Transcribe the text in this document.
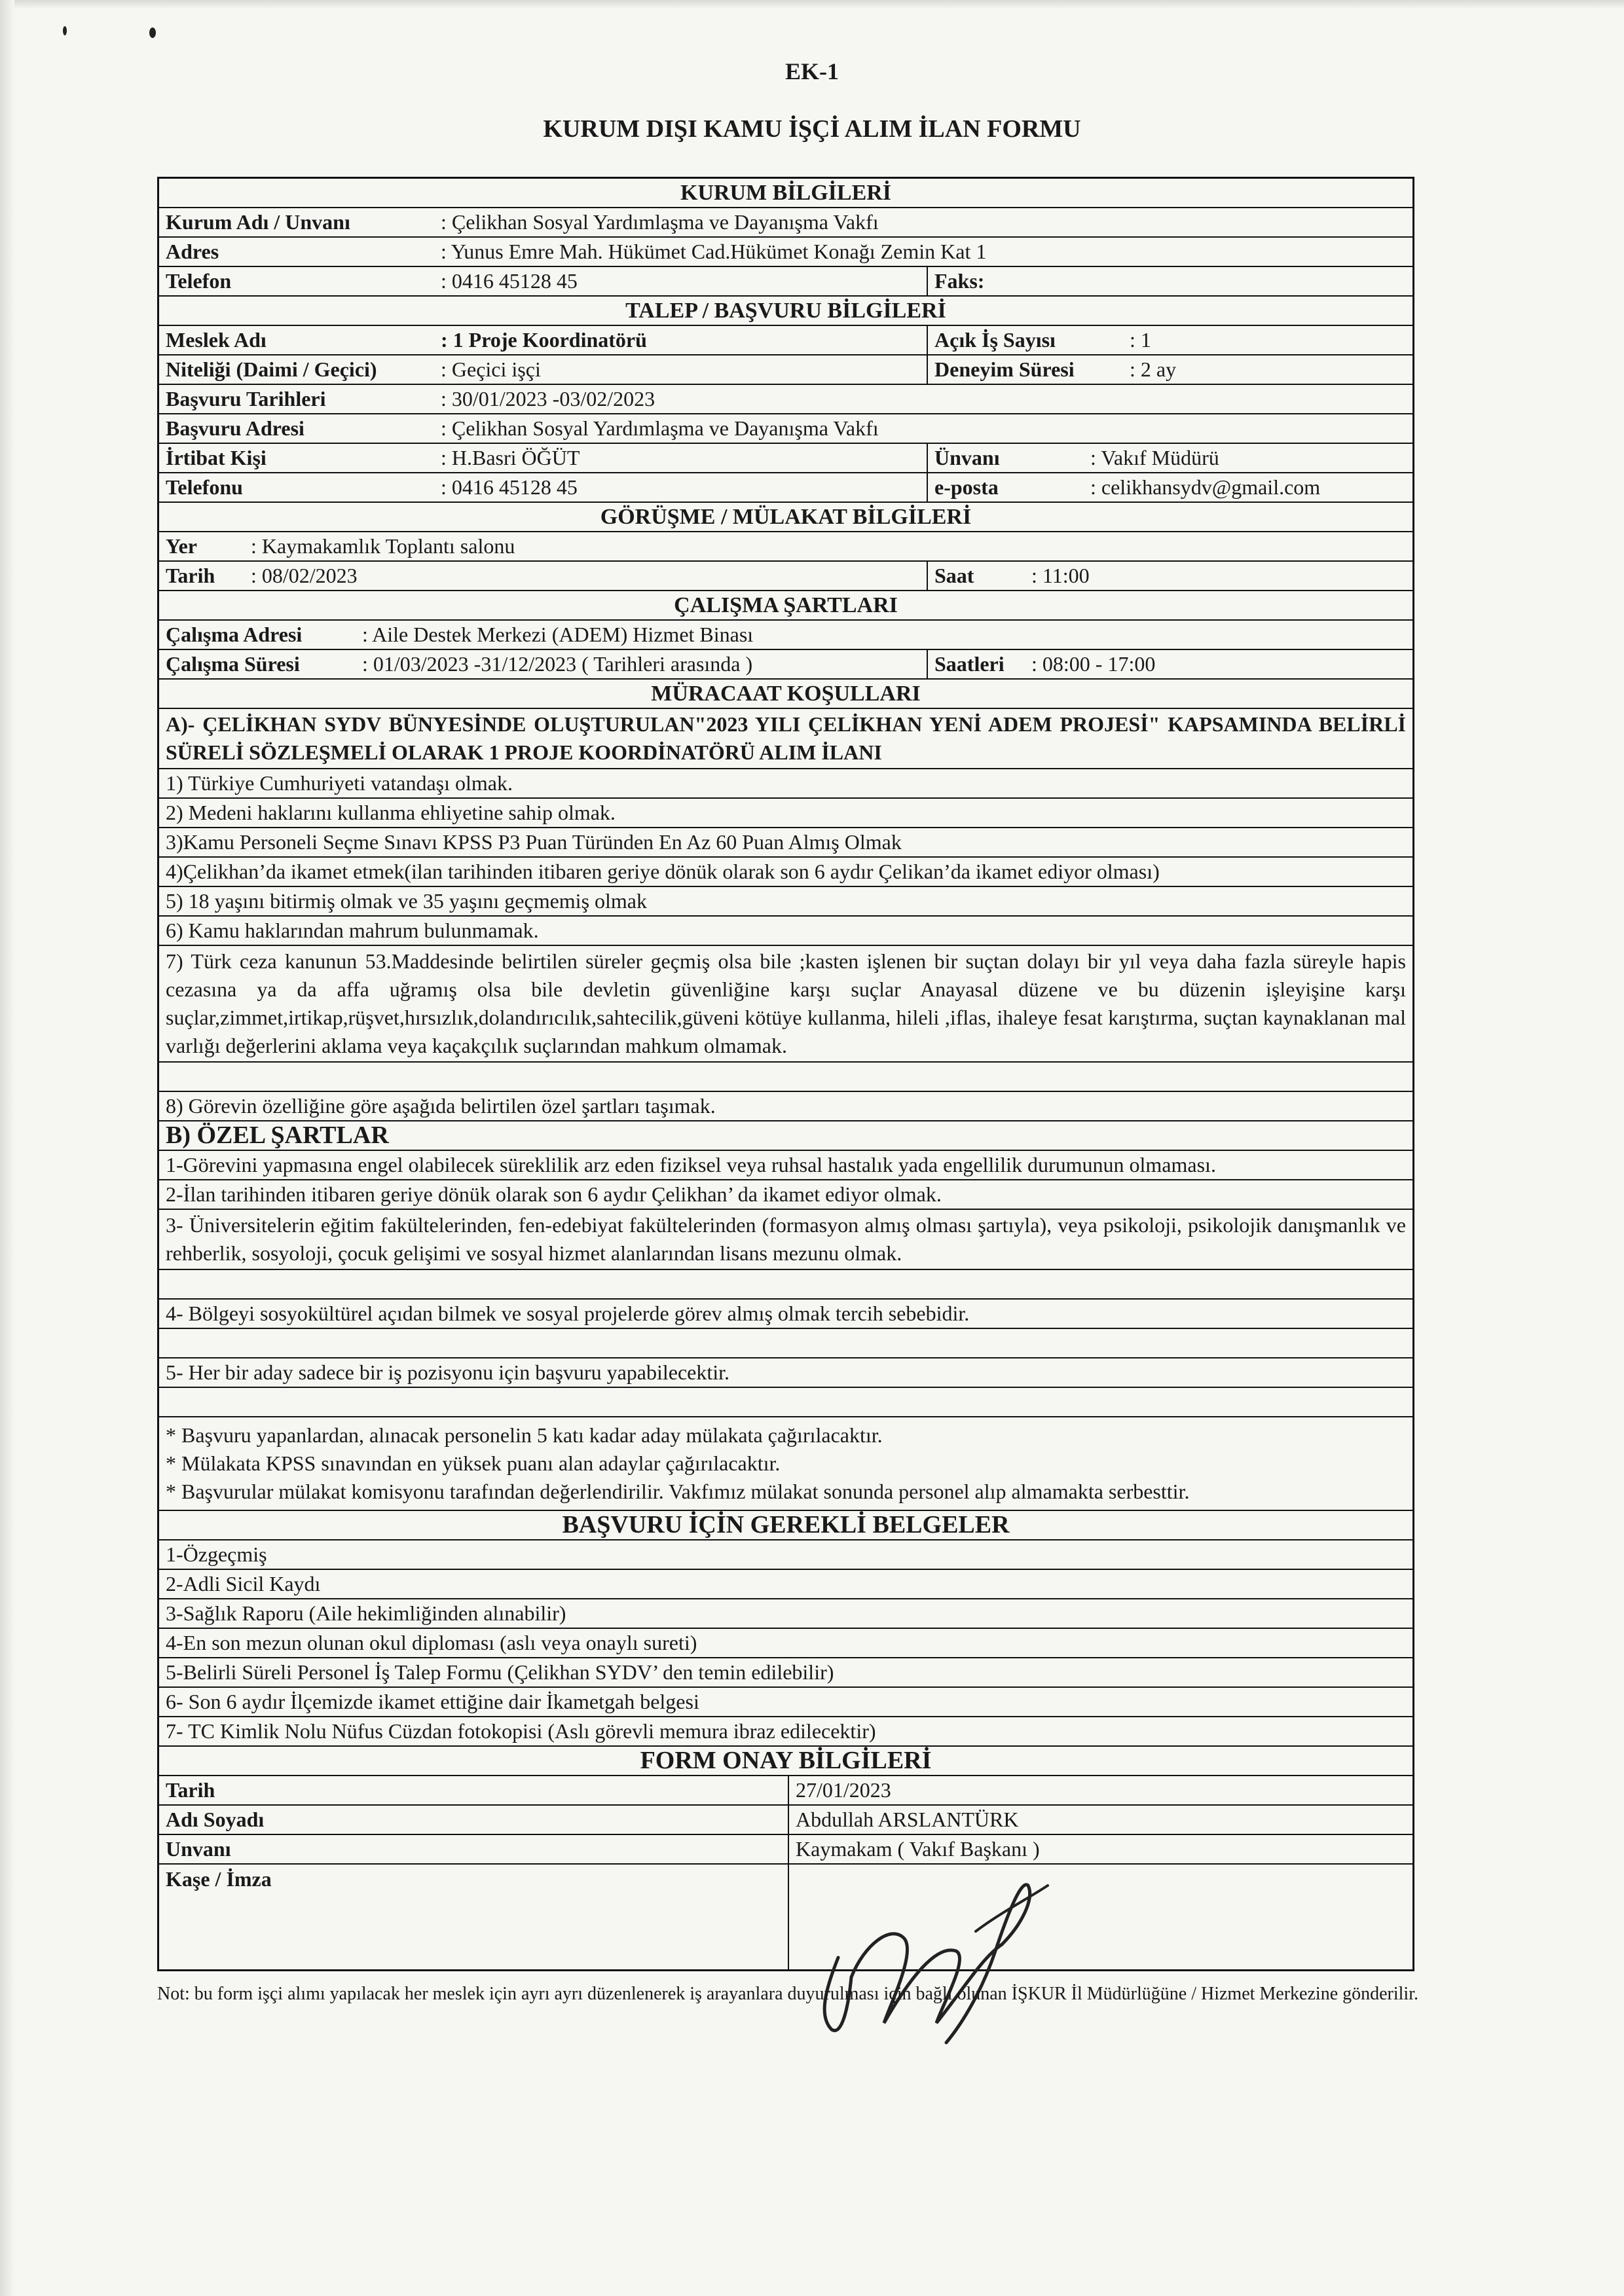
EK-1
KURUM DIŞI KAMU İŞÇİ ALIM İLAN FORMU
KURUM BİLGİLERİ
Kurum Adı / Unvanı	: Çelikhan Sosyal Yardımlaşma ve Dayanışma Vakfı
Adres	: Yunus Emre Mah. Hükümet Cad.Hükümet Konağı Zemin Kat 1
Telefon	: 0416 45128 45	Faks:
TALEP / BAŞVURU BİLGİLERİ
Meslek Adı	: 1 Proje Koordinatörü	Açık İş Sayısı	: 1
Niteliği (Daimi / Geçici)	: Geçici işçi	Deneyim Süresi	: 2 ay
Başvuru Tarihleri	: 30/01/2023 -03/02/2023
Başvuru Adresi	: Çelikhan Sosyal Yardımlaşma ve Dayanışma Vakfı
İrtibat Kişi	: H.Basri ÖĞÜT	Ünvanı	: Vakıf Müdürü
Telefonu	: 0416 45128 45	e-posta	: celikhansydv@gmail.com
GÖRÜŞME / MÜLAKAT BİLGİLERİ
Yer	: Kaymakamlık Toplantı salonu
Tarih	: 08/02/2023	Saat	: 11:00
ÇALIŞMA ŞARTLARI
Çalışma Adresi	: Aile Destek Merkezi (ADEM) Hizmet Binası
Çalışma Süresi	: 01/03/2023 -31/12/2023 ( Tarihleri arasında )	Saatleri	: 08:00 - 17:00
MÜRACAAT KOŞULLARI
A)- ÇELİKHAN SYDV BÜNYESİNDE OLUŞTURULAN"2023 YILI ÇELİKHAN YENİ ADEM PROJESİ" KAPSAMINDA BELİRLİ SÜRELİ SÖZLEŞMELİ OLARAK 1 PROJE KOORDİNATÖRÜ ALIM İLANI
1) Türkiye Cumhuriyeti vatandaşı olmak.
2) Medeni haklarını kullanma ehliyetine sahip olmak.
3)Kamu Personeli Seçme Sınavı KPSS P3 Puan Türünden En Az 60 Puan Almış Olmak
4)Çelikhan’da ikamet etmek(ilan tarihinden itibaren geriye dönük olarak son 6 aydır Çelikan’da ikamet ediyor olması)
5) 18 yaşını bitirmiş olmak ve 35 yaşını geçmemiş olmak
6) Kamu haklarından mahrum bulunmamak.
7) Türk ceza kanunun 53.Maddesinde belirtilen süreler geçmiş olsa bile ;kasten işlenen bir suçtan dolayı bir yıl veya daha fazla süreyle hapis cezasına ya da affa uğramış olsa bile devletin güvenliğine karşı suçlar Anayasal düzene ve bu düzenin işleyişine karşı suçlar,zimmet,irtikap,rüşvet,hırsızlık,dolandırıcılık,sahtecilik,güveni kötüye kullanma, hileli ,iflas, ihaleye fesat karıştırma, suçtan kaynaklanan mal varlığı değerlerini aklama veya kaçakçılık suçlarından mahkum olmamak.
8) Görevin özelliğine göre aşağıda belirtilen özel şartları taşımak.
B) ÖZEL ŞARTLAR
1-Görevini yapmasına engel olabilecek süreklilik arz eden fiziksel veya ruhsal hastalık yada engellilik durumunun olmaması.
2-İlan tarihinden itibaren geriye dönük olarak son 6 aydır Çelikhan’ da ikamet ediyor olmak.
3- Üniversitelerin eğitim fakültelerinden, fen-edebiyat fakültelerinden (formasyon almış olması şartıyla), veya psikoloji, psikolojik danışmanlık ve rehberlik, sosyoloji, çocuk gelişimi ve sosyal hizmet alanlarından lisans mezunu olmak.
4- Bölgeyi sosyokültürel açıdan bilmek ve sosyal projelerde görev almış olmak tercih sebebidir.
5- Her bir aday sadece bir iş pozisyonu için başvuru yapabilecektir.
* Başvuru yapanlardan, alınacak personelin 5 katı kadar aday mülakata çağırılacaktır.
* Mülakata KPSS sınavından en yüksek puanı alan adaylar çağırılacaktır.
* Başvurular mülakat komisyonu tarafından değerlendirilir. Vakfımız mülakat sonunda personel alıp almamakta serbesttir.
BAŞVURU İÇİN GEREKLİ BELGELER
1-Özgeçmiş
2-Adli Sicil Kaydı
3-Sağlık Raporu (Aile hekimliğinden alınabilir)
4-En son mezun olunan okul diploması (aslı veya onaylı sureti)
5-Belirli Süreli Personel İş Talep Formu (Çelikhan SYDV’ den temin edilebilir)
6- Son 6 aydır İlçemizde ikamet ettiğine dair İkametgah belgesi
7- TC Kimlik Nolu Nüfus Cüzdan fotokopisi (Aslı görevli memura ibraz edilecektir)
FORM ONAY BİLGİLERİ
Tarih	27/01/2023
Adı Soyadı	Abdullah ARSLANTÜRK
Unvanı	Kaymakam ( Vakıf Başkanı )
Kaşe / İmza
Not: bu form işçi alımı yapılacak her meslek için ayrı ayrı düzenlenerek iş arayanlara duyurulması için bağlı olunan İŞKUR İl Müdürlüğüne / Hizmet Merkezine gönderilir.
